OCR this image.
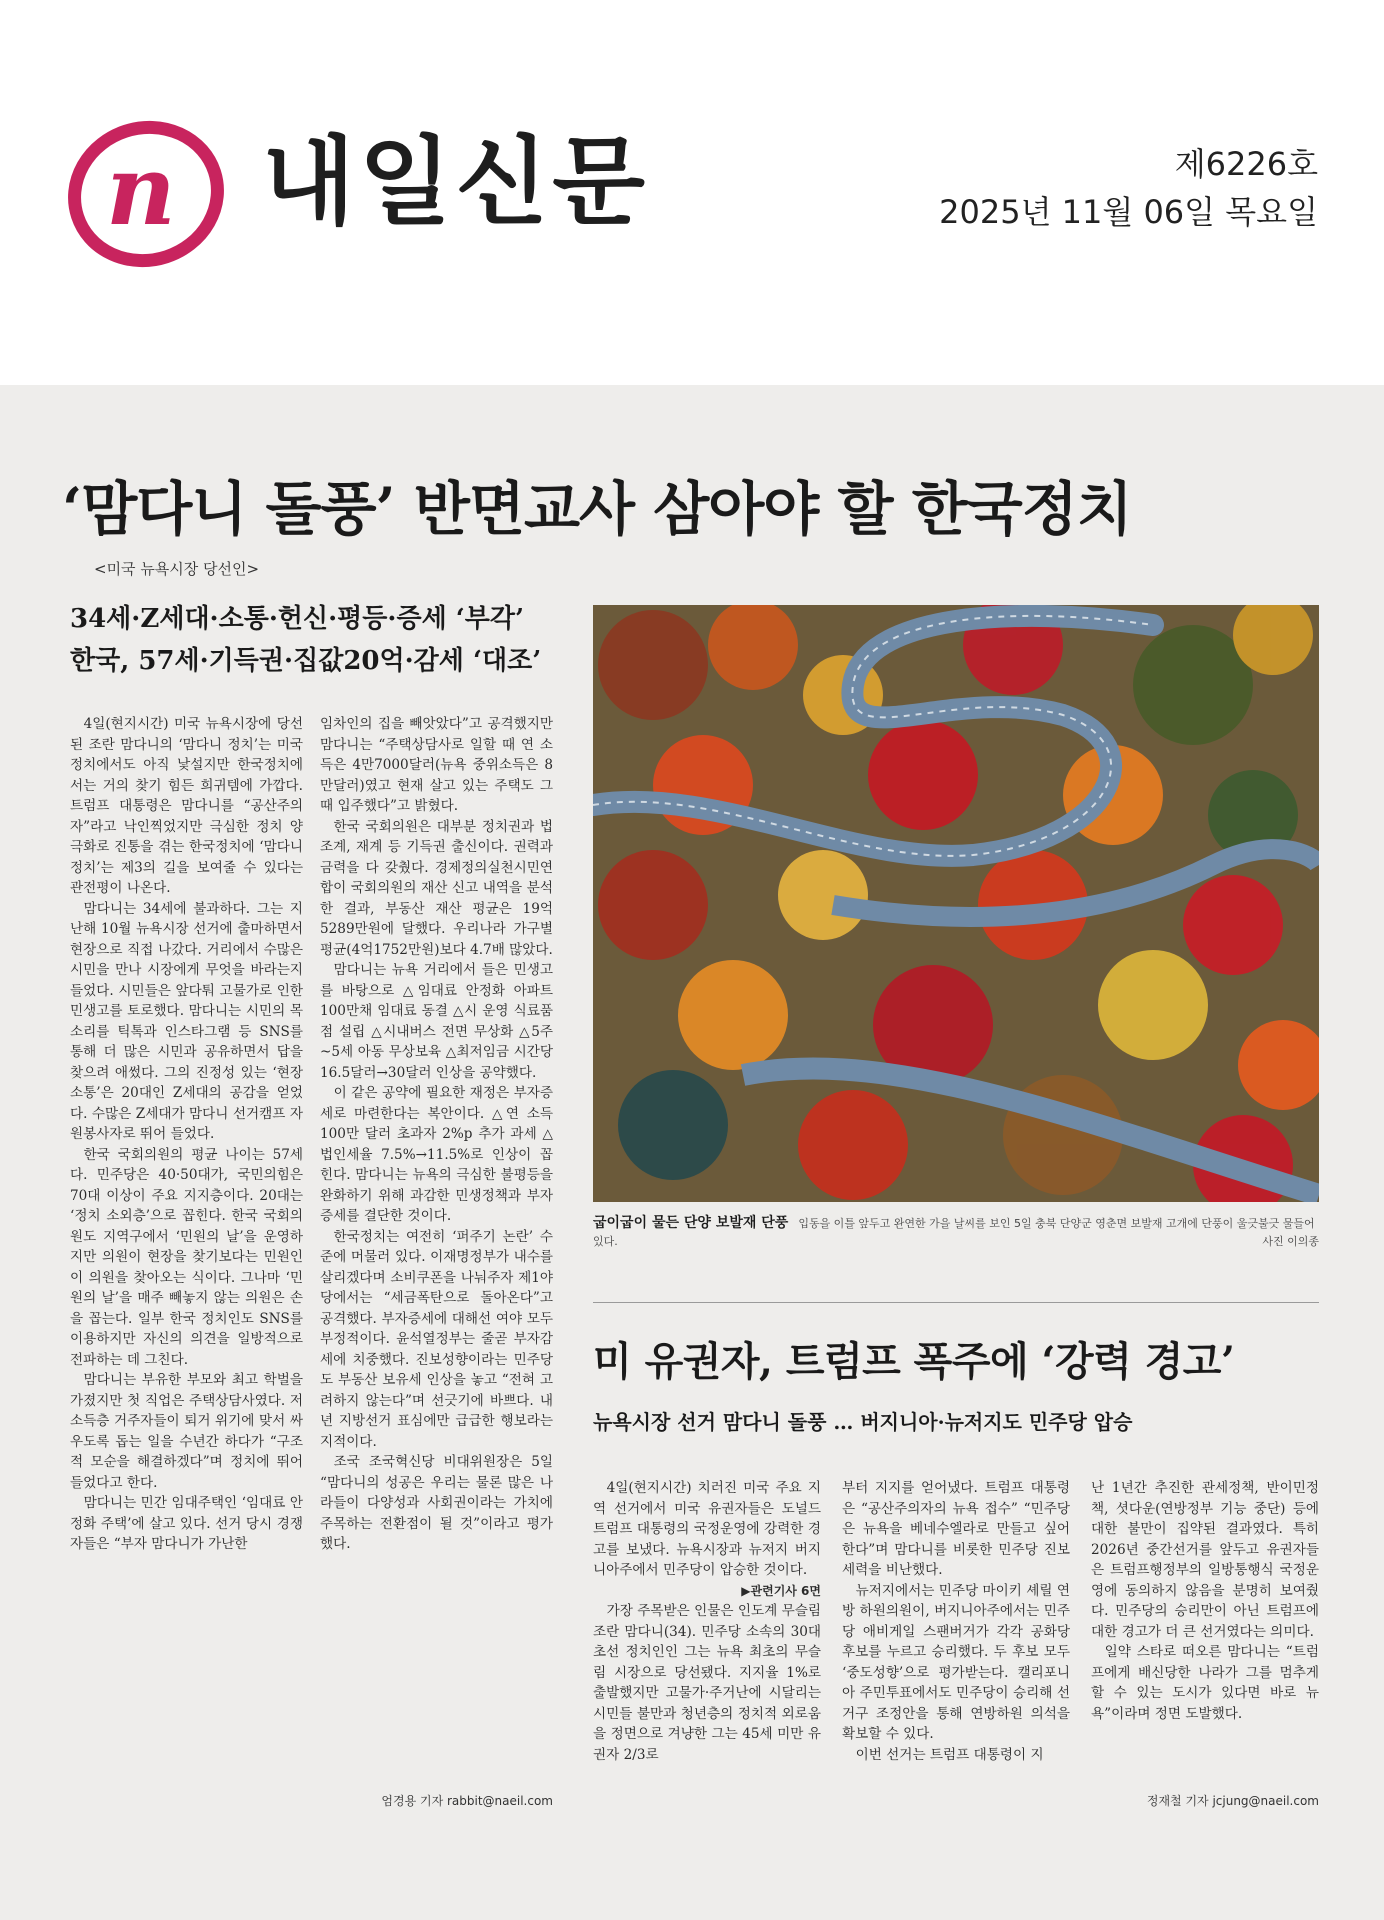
n 내일신문	제6226호
2025년 11월 06일 목요일
‘맘다니 돌풍’ 반면교사 삼아야 할 한국정치
<미국 뉴욕시장 당선인>
34세·Z세대·소통·헌신·평등·증세 ‘부각’
한국, 57세·기득권·집값20억·감세 ‘대조’

4일(현지시간) 미국 뉴욕시장에 당선된 조란 맘다니의 ‘맘다니 정치’는 미국정치에서도 아직 낯설지만 한국정치에서는 거의 찾기 힘든 희귀템에 가깝다. 트럼프 대통령은 맘다니를 “공산주의자”라고 낙인찍었지만 극심한 정치 양극화로 진통을 겪는 한국정치에 ‘맘다니 정치’는 제3의 길을 보여줄 수 있다는 관전평이 나온다.

맘다니는 34세에 불과하다. 그는 지난해 10월 뉴욕시장 선거에 출마하면서 현장으로 직접 나갔다. 거리에서 수많은 시민을 만나 시장에게 무엇을 바라는지 들었다. 시민들은 앞다퉈 고물가로 인한 민생고를 토로했다. 맘다니는 시민의 목소리를 틱톡과 인스타그램 등 SNS를 통해 더 많은 시민과 공유하면서 답을 찾으려 애썼다. 그의 진정성 있는 ‘현장소통’은 20대인 Z세대의 공감을 얻었다. 수많은 Z세대가 맘다니 선거캠프 자원봉사자로 뛰어 들었다.

한국 국회의원의 평균 나이는 57세다. 민주당은 40·50대가, 국민의힘은 70대 이상이 주요 지지층이다. 20대는 ‘정치 소외층’으로 꼽힌다. 한국 국회의원도 지역구에서 ‘민원의 날’을 운영하지만 의원이 현장을 찾기보다는 민원인이 의원을 찾아오는 식이다. 그나마 ‘민원의 날’을 매주 빼놓지 않는 의원은 손을 꼽는다. 일부 한국 정치인도 SNS를 이용하지만 자신의 의견을 일방적으로 전파하는 데 그친다.

맘다니는 부유한 부모와 최고 학벌을 가졌지만 첫 직업은 주택상담사였다. 저소득층 거주자들이 퇴거 위기에 맞서 싸우도록 돕는 일을 수년간 하다가 “구조적 모순을 해결하겠다”며 정치에 뛰어들었다고 한다.

맘다니는 민간 임대주택인 ‘임대료 안정화 주택’에 살고 있다. 선거 당시 경쟁자들은 “부자 맘다니가 가난한

임차인의 집을 빼앗았다”고 공격했지만 맘다니는 “주택상담사로 일할 때 연 소득은 4만7000달러(뉴욕 중위소득은 8만달러)였고 현재 살고 있는 주택도 그때 입주했다”고 밝혔다.

한국 국회의원은 대부분 정치권과 법조계, 재계 등 기득권 출신이다. 권력과 금력을 다 갖췄다. 경제정의실천시민연합이 국회의원의 재산 신고 내역을 분석한 결과, 부동산 재산 평균은 19억5289만원에 달했다. 우리나라 가구별 평균(4억1752만원)보다 4.7배 많았다.

맘다니는 뉴욕 거리에서 들은 민생고를 바탕으로 △임대료 안정화 아파트 100만채 임대료 동결 △시 운영 식료품점 설립 △시내버스 전면 무상화 △5주~5세 아동 무상보육 △최저임금 시간당 16.5달러→30달러 인상을 공약했다.

이 같은 공약에 필요한 재정은 부자증세로 마련한다는 복안이다. △연 소득 100만 달러 초과자 2%p 추가 과세 △법인세율 7.5%→11.5%로 인상이 꼽힌다. 맘다니는 뉴욕의 극심한 불평등을 완화하기 위해 과감한 민생정책과 부자증세를 결단한 것이다.

한국정치는 여전히 ‘퍼주기 논란’ 수준에 머물러 있다. 이재명정부가 내수를 살리겠다며 소비쿠폰을 나눠주자 제1야당에서는 “세금폭탄으로 돌아온다”고 공격했다. 부자증세에 대해선 여야 모두 부정적이다. 윤석열정부는 줄곧 부자감세에 치중했다. 진보성향이라는 민주당도 부동산 보유세 인상을 놓고 “전혀 고려하지 않는다”며 선긋기에 바쁘다. 내년 지방선거 표심에만 급급한 행보라는 지적이다.

조국 조국혁신당 비대위원장은 5일 “맘다니의 성공은 우리는 물론 많은 나라들이 다양성과 사회권이라는 가치에 주목하는 전환점이 될 것”이라고 평가했다.

엄경용 기자 rabbit@naeil.com
굽이굽이 물든 단양 보발재 단풍 입동을 이틀 앞두고 완연한 가을 날씨를 보인 5일 충북 단양군 영춘면 보발재 고개에 단풍이 울긋불긋 물들어 있다.	사진 이의종
미 유권자, 트럼프 폭주에 ‘강력 경고’
뉴욕시장 선거 맘다니 돌풍 … 버지니아·뉴저지도 민주당 압승

4일(현지시간) 치러진 미국 주요 지역 선거에서 미국 유권자들은 도널드 트럼프 대통령의 국정운영에 강력한 경고를 보냈다. 뉴욕시장과 뉴저지 버지니아주에서 민주당이 압승한 것이다.

▶관련기사 6면

가장 주목받은 인물은 인도계 무슬림 조란 맘다니(34). 민주당 소속의 30대 초선 정치인인 그는 뉴욕 최초의 무슬림 시장으로 당선됐다. 지지율 1%로 출발했지만 고물가·주거난에 시달리는 시민들 불만과 청년층의 정치적 외로움을 정면으로 겨냥한 그는 45세 미만 유권자 2/3로

부터 지지를 얻어냈다. 트럼프 대통령은 “공산주의자의 뉴욕 접수” “민주당은 뉴욕을 베네수엘라로 만들고 싶어 한다”며 맘다니를 비롯한 민주당 진보 세력을 비난했다.

뉴저지에서는 민주당 마이키 셰릴 연방 하원의원이, 버지니아주에서는 민주당 애비게일 스팬버거가 각각 공화당 후보를 누르고 승리했다. 두 후보 모두 ‘중도성향’으로 평가받는다. 캘리포니아 주민투표에서도 민주당이 승리해 선거구 조정안을 통해 연방하원 의석을 확보할 수 있다.

이번 선거는 트럼프 대통령이 지

난 1년간 추진한 관세정책, 반이민정책, 셧다운(연방정부 기능 중단) 등에 대한 불만이 집약된 결과였다. 특히 2026년 중간선거를 앞두고 유권자들은 트럼프행정부의 일방통행식 국정운영에 동의하지 않음을 분명히 보여줬다. 민주당의 승리만이 아닌 트럼프에 대한 경고가 더 큰 선거였다는 의미다.

일약 스타로 떠오른 맘다니는 “트럼프에게 배신당한 나라가 그를 멈추게 할 수 있는 도시가 있다면 바로 뉴욕”이라며 정면 도발했다.

정재철 기자 jcjung@naeil.com
